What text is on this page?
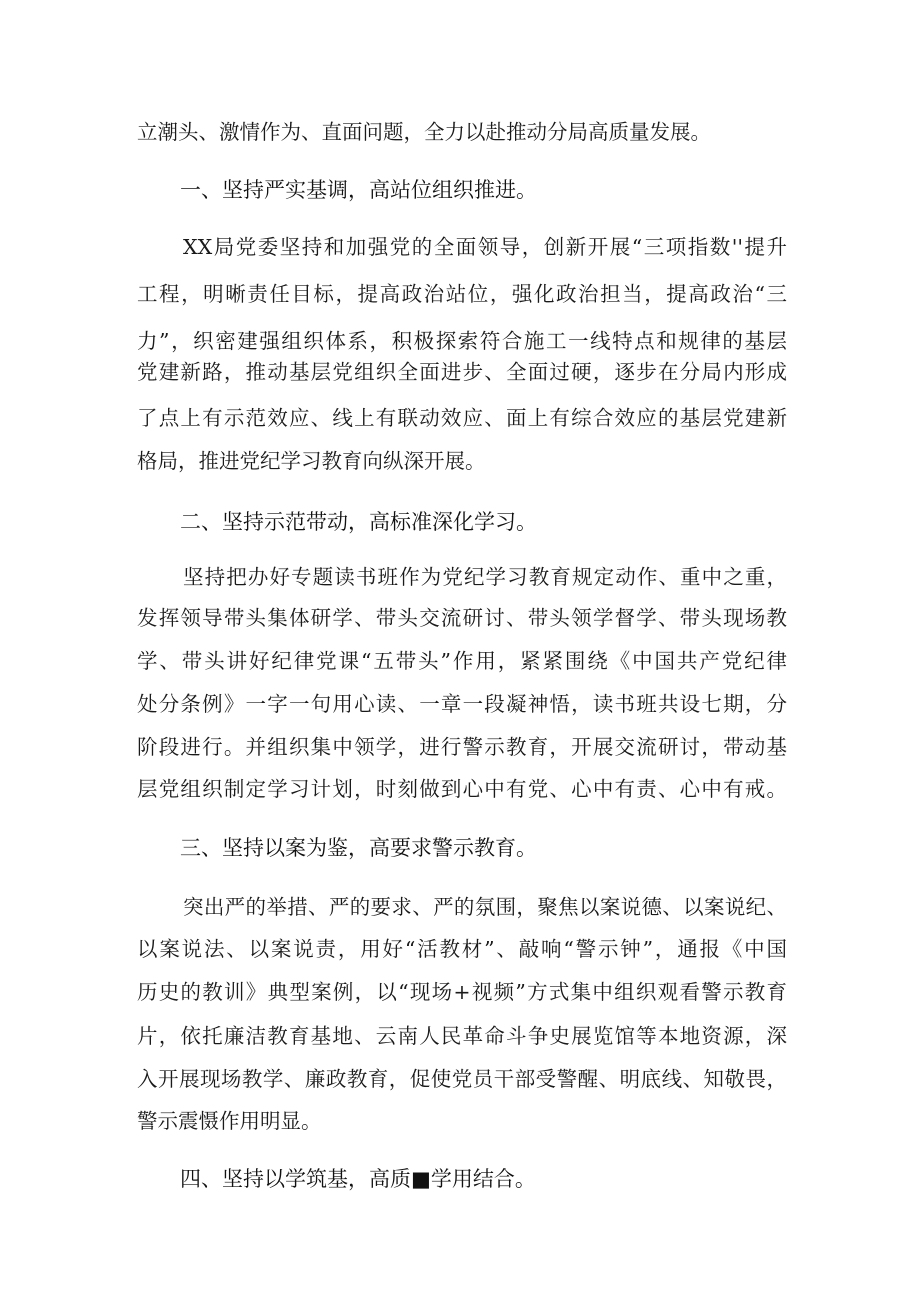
立潮头、激情作为、直面问题，全力以赴推动分局高质量发展。
一、坚持严实基调，高站位组织推进。
XX局党委坚持和加强党的全面领导，创新开展“三项指数''提升
工程，明晰责任目标，提高政治站位，强化政治担当，提高政治“三
力”，织密建强组织体系，积极探索符合施工一线特点和规律的基层
党建新路，推动基层党组织全面进步、全面过硬，逐步在分局内形成
了点上有示范效应、线上有联动效应、面上有综合效应的基层党建新
格局，推进党纪学习教育向纵深开展。
二、坚持示范带动，高标准深化学习。
坚持把办好专题读书班作为党纪学习教育规定动作、重中之重，
发挥领导带头集体研学、带头交流研讨、带头领学督学、带头现场教
学、带头讲好纪律党课“五带头”作用，紧紧围绕《中国共产党纪律
处分条例》一字一句用心读、一章一段凝神悟，读书班共设七期，分
阶段进行。并组织集中领学，进行警示教育，开展交流研讨，带动基
层党组织制定学习计划，时刻做到心中有党、心中有责、心中有戒。
三、坚持以案为鉴，高要求警示教育。
突出严的举措、严的要求、严的氛围，聚焦以案说德、以案说纪、
以案说法、以案说责，用好“活教材”、敲响“警示钟”，通报《中国
历史的教训》典型案例，以“现场+视频”方式集中组织观看警示教育
片，依托廉洁教育基地、云南人民革命斗争史展览馆等本地资源，深
入开展现场教学、廉政教育，促使党员干部受警醒、明底线、知敬畏，
警示震慑作用明显。
四、坚持以学筑基，高质■学用结合。
